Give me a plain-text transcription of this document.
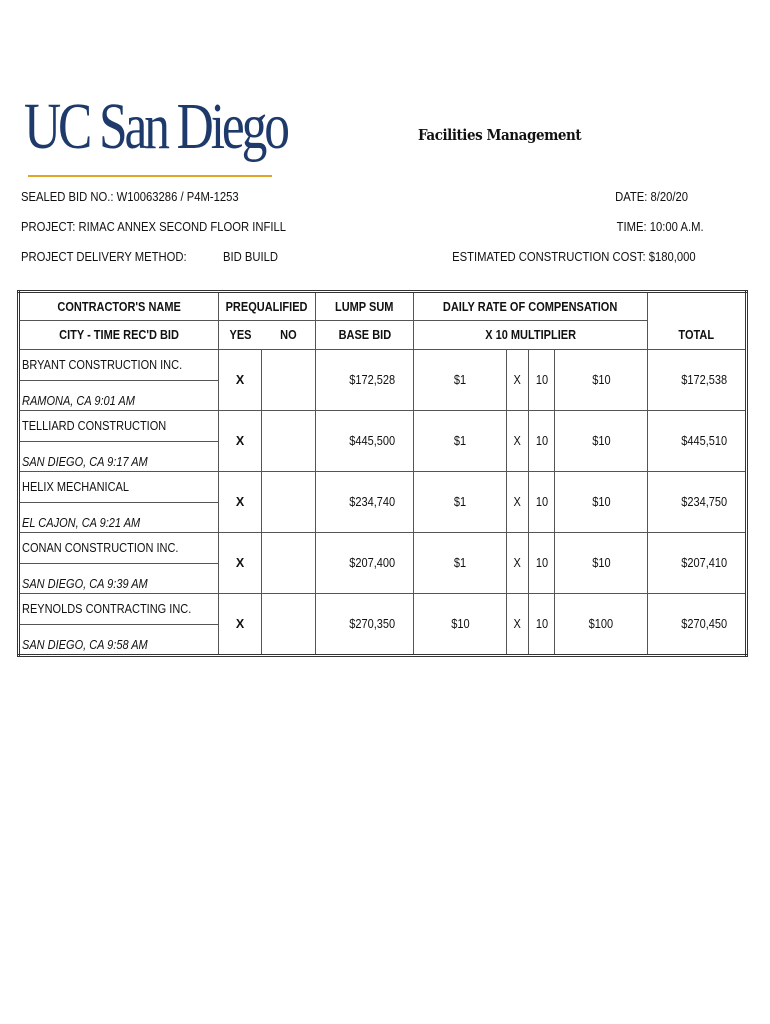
UC San Diego	Facilities Management
SEALED BID NO.: W10063286 / P4M-1253
PROJECT: RIMAC ANNEX SECOND FLOOR INFILL
PROJECT DELIVERY METHOD:	BID BUILD
DATE: 8/20/20
TIME: 10:00 A.M.
ESTIMATED CONSTRUCTION COST: $180,000
CONTRACTOR'S NAME	PREQUALIFIED		LUMP SUM	DAILY RATE OF COMPENSATION				
CITY - TIME REC'D BID	YES	NO	BASE BID	X 10 MULTIPLIER				TOTAL

BRYANT CONSTRUCTION INC.
RAMONA, CA 9:01 AM	X		$172,528	$1	X	10	$10	$172,538

TELLIARD CONSTRUCTION
SAN DIEGO, CA 9:17 AM	X		$445,500	$1	X	10	$10	$445,510

HELIX MECHANICAL
EL CAJON, CA 9:21 AM	X		$234,740	$1	X	10	$10	$234,750

CONAN CONSTRUCTION INC.
SAN DIEGO, CA 9:39 AM	X		$207,400	$1	X	10	$10	$207,410

REYNOLDS CONTRACTING INC.
SAN DIEGO, CA 9:58 AM	X		$270,350	$10	X	10	$100	$270,450
